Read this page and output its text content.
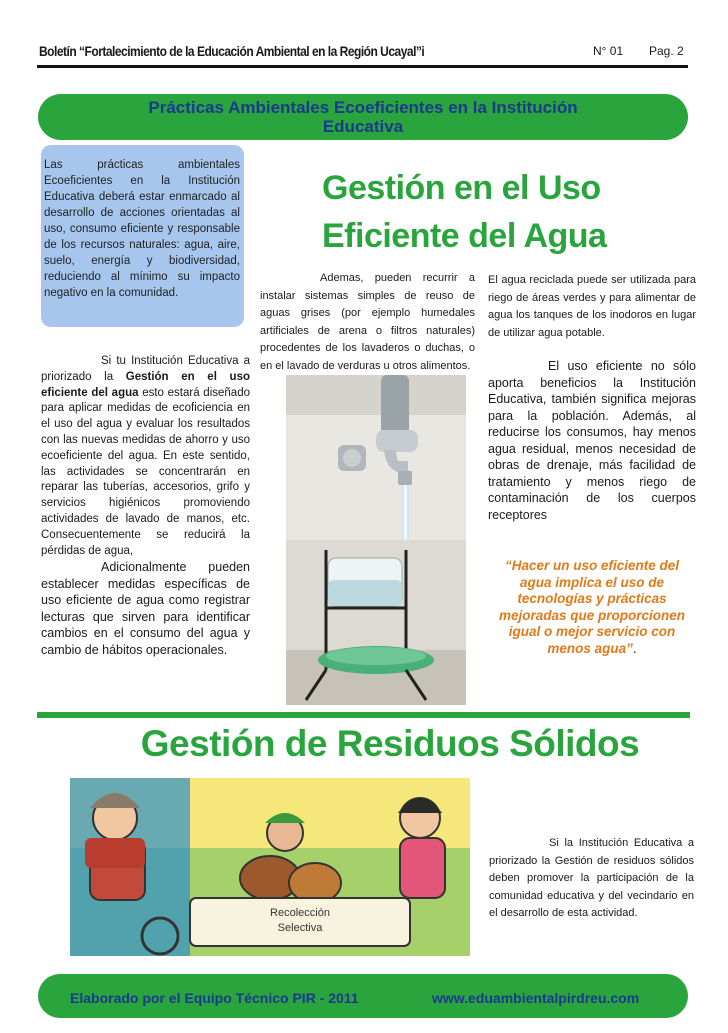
Boletín “Fortalecimiento de la Educación Ambiental en la Región Ucayal”i	N° 01 Pag. 2
Prácticas Ambientales Ecoeficientes en la Institución
Educativa
Las prácticas ambientales Ecoeficientes en la Institución Educativa deberá estar enmarcado al desarrollo de acciones orientadas al uso, consumo eficiente y responsable de los recursos naturales: agua, aire, suelo, energía y biodiversidad, reduciendo al mínimo su impacto negativo en la comunidad.
Gestión en el Uso
Eficiente del Agua
Si tu Institución Educativa a priorizado la Gestión en el uso eficiente del agua esto estará diseñado para aplicar medidas de ecoficiencia en el uso del agua y evaluar los resultados con las nuevas medidas de ahorro y uso ecoeficiente del agua. En este sentido, las actividades se concentrarán en reparar las tuberías, accesorios, grifo y servicios higiénicos promoviendo actividades de lavado de manos, etc. Consecuentemente se reducirá la pérdidas de agua,
Adicionalmente pueden establecer medidas específicas de uso eficiente de agua como registrar lecturas que sirven para identificar cambios en el consumo del agua y cambio de hábitos operacionales.
Ademas, pueden recurrir a instalar sistemas simples de reuso de aguas grises (por ejemplo humedales artificiales de arena o filtros naturales) procedentes de los lavaderos o duchas, o en el lavado de verduras u otros alimentos.
El agua reciclada puede ser utilizada para riego de áreas verdes y para alimentar de agua los tanques de los inodoros en lugar de utilizar agua potable.
El uso eficiente no sólo aporta beneficios la Institución Educativa, también significa mejoras para la población. Además, al reducirse los consumos, hay menos agua residual, menos necesidad de obras de drenaje, más facilidad de tratamiento y menos riego de contaminación de los cuerpos receptores
“Hacer un uso eficiente del agua implica el uso de tecnologías y prácticas mejoradas que proporcionen igual o mejor servicio con menos agua”.
Gestión de Residuos Sólidos
Recolección
Selectiva
Si la Institución Educativa a priorizado la Gestión de residuos sólidos deben promover la participación de la comunidad educativa y del vecindario en el desarrollo de esta actividad.
Elaborado por el Equipo Técnico PIR - 2011	www.eduambientalpirdreu.com
